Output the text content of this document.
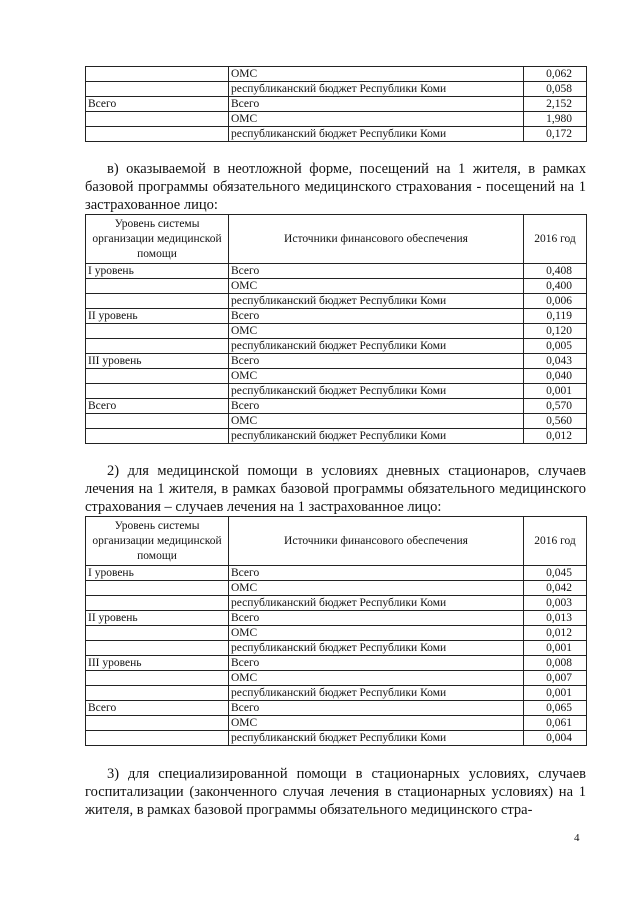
	ОМС	0,062
	республиканский бюджет Республики Коми	0,058
Всего	Всего	2,152
	ОМС	1,980
	республиканский бюджет Республики Коми	0,172

в) оказываемой в неотложной форме, посещений на 1 жителя, в рамках базовой программы обязательного медицинского страхования - посещений на 1 застрахованное лицо:

Уровень системы организации медицинской помощи	Источники финансового обеспечения	2016 год
I уровень	Всего	0,408
	ОМС	0,400
	республиканский бюджет Республики Коми	0,006
II уровень	Всего	0,119
	ОМС	0,120
	республиканский бюджет Республики Коми	0,005
III уровень	Всего	0,043
	ОМС	0,040
	республиканский бюджет Республики Коми	0,001
Всего	Всего	0,570
	ОМС	0,560
	республиканский бюджет Республики Коми	0,012

2) для медицинской помощи в условиях дневных стационаров, случаев лечения на 1 жителя, в рамках базовой программы обязательного медицинского страхования – случаев лечения на 1 застрахованное лицо:

Уровень системы организации медицинской помощи	Источники финансового обеспечения	2016 год
I уровень	Всего	0,045
	ОМС	0,042
	республиканский бюджет Республики Коми	0,003
II уровень	Всего	0,013
	ОМС	0,012
	республиканский бюджет Республики Коми	0,001
III уровень	Всего	0,008
	ОМС	0,007
	республиканский бюджет Республики Коми	0,001
Всего	Всего	0,065
	ОМС	0,061
	республиканский бюджет Республики Коми	0,004

3) для специализированной помощи в стационарных условиях, случаев госпитализации (законченного случая лечения в стационарных условиях) на 1 жителя, в рамках базовой программы обязательного медицинского стра-

4
